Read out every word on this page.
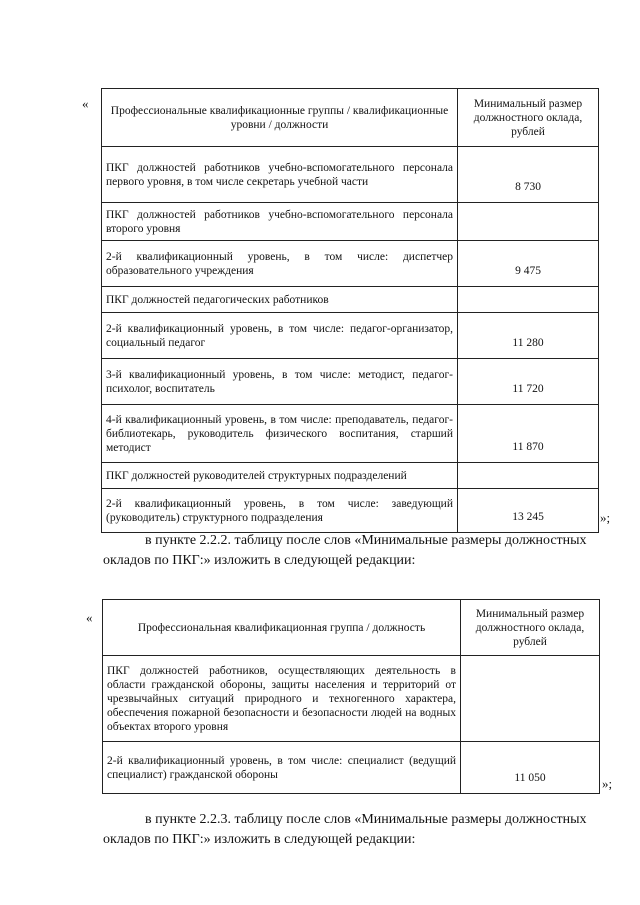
« Профессиональные квалификационные группы / квалификационные уровни / должности	Минимальный размер должностного оклада, рублей
ПКГ должностей работников учебно-вспомогательного персонала первого уровня, в том числе секретарь учебной части	8 730
ПКГ должностей работников учебно-вспомогательного персонала второго уровня	
2-й квалификационный уровень, в том числе: диспетчер образовательного учреждения	9 475
ПКГ должностей педагогических работников	
2-й квалификационный уровень, в том числе: педагог-организатор, социальный педагог	11 280
3-й квалификационный уровень, в том числе: методист, педагог-психолог, воспитатель	11 720
4-й квалификационный уровень, в том числе: преподаватель, педагог-библиотекарь, руководитель физического воспитания, старший методист	11 870
ПКГ должностей руководителей структурных подразделений	
2-й квалификационный уровень, в том числе: заведующий (руководитель) структурного подразделения	13 245	»;

в пункте 2.2.2. таблицу после слов «Минимальные размеры должностных окладов по ПКГ:» изложить в следующей редакции:

«
Профессиональная квалификационная группа / должность	Минимальный размер должностного оклада, рублей
ПКГ должностей работников, осуществляющих деятельность в области гражданской обороны, защиты населения и территорий от чрезвычайных ситуаций природного и техногенного характера, обеспечения пожарной безопасности и безопасности людей на водных объектах второго уровня	
2-й квалификационный уровень, в том числе: специалист (ведущий специалист) гражданской обороны	11 050	»;

в пункте 2.2.3. таблицу после слов «Минимальные размеры должностных окладов по ПКГ:» изложить в следующей редакции:
